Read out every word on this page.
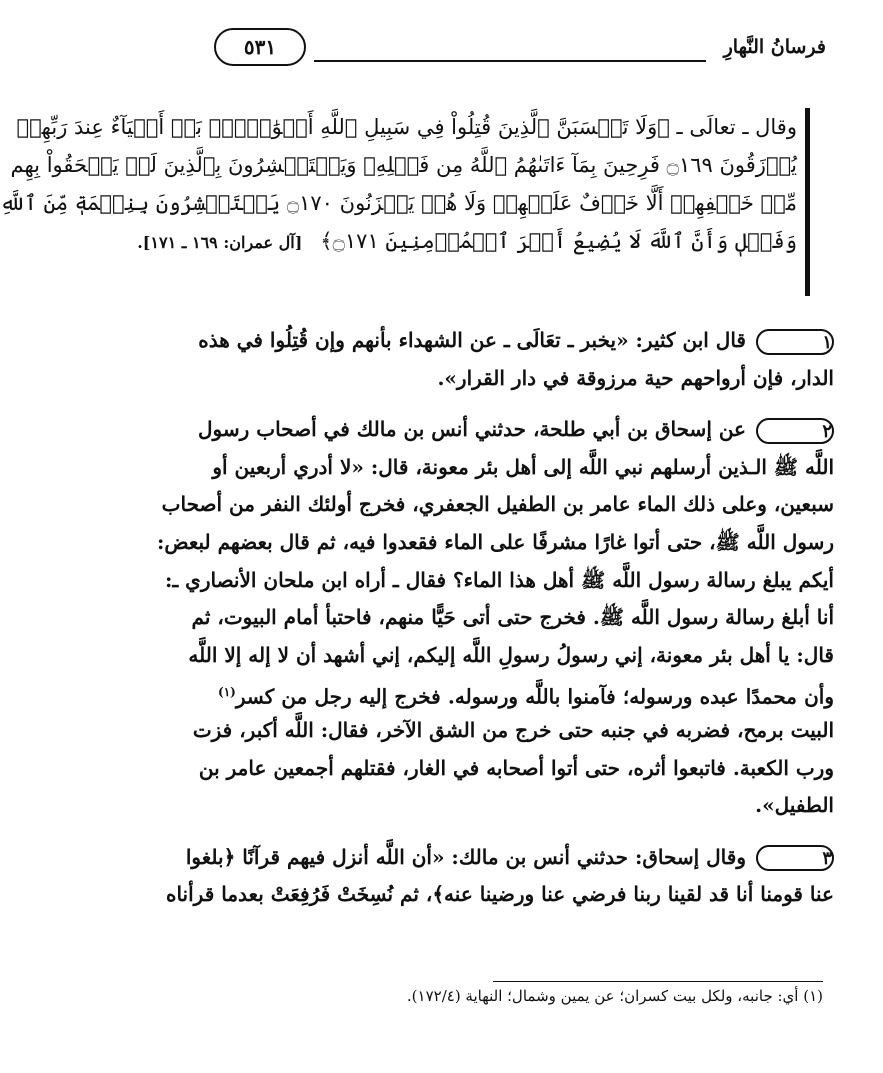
فرسانُ النَّهارِ
٥٣١
وقال ـ تعالَى ـ ﴿وَلَا تَحۡسَبَنَّ ٱلَّذِينَ قُتِلُواْ فِي سَبِيلِ ٱللَّهِ أَمۡوَٰتَۢاۚ بَلۡ أَحۡيَآءٌ عِندَ رَبِّهِمۡ
يُرۡزَقُونَ ۝١٦٩ فَرِحِينَ بِمَآ ءَاتَىٰهُمُ ٱللَّهُ مِن فَضۡلِهِۦ وَيَسۡتَبۡشِرُونَ بِٱلَّذِينَ لَمۡ يَلۡحَقُواْ بِهِم
مِّنۡ خَلۡفِهِمۡ أَلَّا خَوۡفٌ عَلَيۡهِمۡ وَلَا هُمۡ يَحۡزَنُونَ ۝١٧٠ يَسۡتَبۡشِرُونَ بِنِعۡمَةٖ مِّنَ ٱللَّهِ
وَفَضۡلٖ وَأَنَّ ٱللَّهَ لَا يُضِيعُ أَجۡرَ ٱلۡمُؤۡمِنِينَ ۝١٧١﴾[آل عمران: ١٦٩ ـ ١٧١].
١قال ابن كثير: «يخبر ـ تعَالَى ـ عن الشهداء بأنهم وإن قُتِلُوا في هذه
الدار، فإن أرواحهم حية مرزوقة في دار القرار».
٢عن إسحاق بن أبي طلحة، حدثني أنس بن مالك في أصحاب رسول
اللَّه ﷺ الـذين أرسلهم نبي اللَّه إلى أهل بئر معونة، قال: «لا أدري أربعين أو
سبعين، وعلى ذلك الماء عامر بن الطفيل الجعفري، فخرج أولئك النفر من أصحاب
رسول اللَّه ﷺ، حتى أتوا غارًا مشرفًا على الماء فقعدوا فيه، ثم قال بعضهم لبعض:
أيكم يبلغ رسالة رسول اللَّه ﷺ أهل هذا الماء؟ فقال ـ أراه ابن ملحان الأنصاري ـ:
أنا أبلغ رسالة رسول اللَّه ﷺ. فخرج حتى أتى حَيًّا منهم، فاحتبأ أمام البيوت، ثم
قال: يا أهل بئر معونة، إني رسولُ رسولِ اللَّه إليكم، إني أشهد أن لا إله إلا اللَّه
وأن محمدًا عبده ورسوله؛ فآمنوا باللَّه ورسوله. فخرج إليه رجل من كسر$^{(١)}$
البيت برمح، فضربه في جنبه حتى خرج من الشق الآخر، فقال: اللَّه أكبر، فزت
ورب الكعبة. فاتبعوا أثره، حتى أتوا أصحابه في الغار، فقتلهم أجمعين عامر بن
الطفيل».
٣وقال إسحاق: حدثني أنس بن مالك: «أن اللَّه أنزل فيهم قرآنًا ﴿بلغوا
عنا قومنا أنا قد لقينا ربنا فرضي عنا ورضينا عنه﴾، ثم نُسِخَتْ فَرُفِعَتْ بعدما قرأناه
(١) أي: جانبه، ولكل بيت كسران؛ عن يمين وشمال؛ النهاية (١٧٢/٤).
